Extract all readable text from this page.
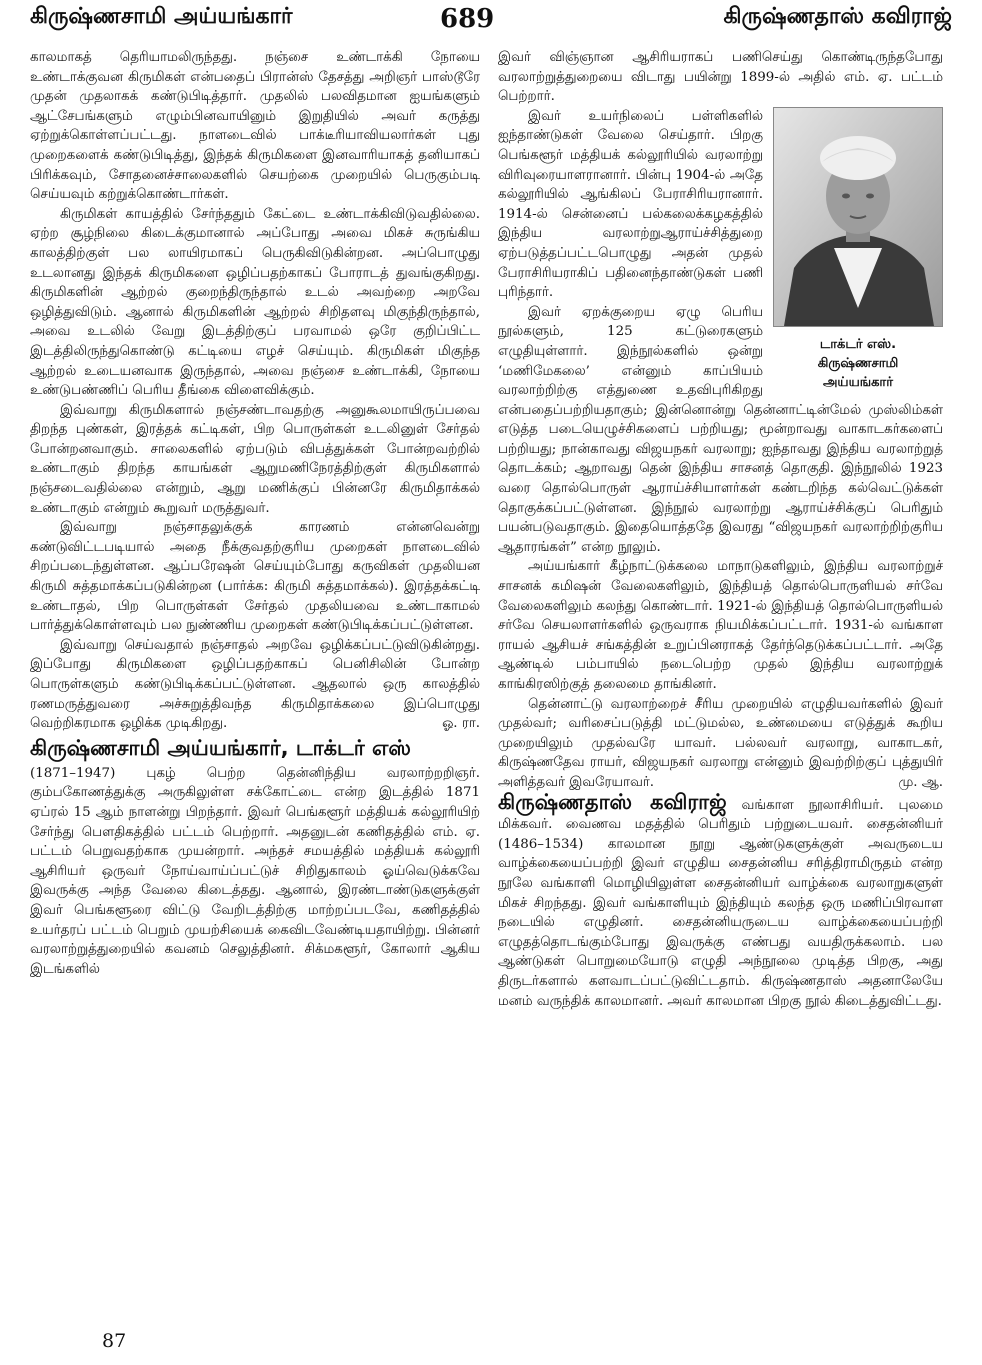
கிருஷ்ணசாமி அய்யங்கார்	689	கிருஷ்ணதாஸ் கவிராஜ்

காலமாகத் தெரியாமலிருந்தது. நஞ்சை உண்டாக்கி நோயை உண்டாக்குவன கிருமிகள் என்பதைப் பிரான்ஸ் தேசத்து அறிஞர் பாஸ்டூரே முதன் முதலாகக் கண்டுபிடித்தார். முதலில் பலவிதமான ஐயங்களும் ஆட்சேபங்களும் எழும்பினவாயினும் இறுதியில் அவர் கருத்து ஏற்றுக்கொள்ளப்பட்டது. நாளடைவில் பாக்டீரியாவியலார்கள் புது முறைகளைக் கண்டுபிடித்து, இந்தக் கிருமிகளை இனவாரியாகத் தனியாகப் பிரிக்கவும், சோதனைச்சாலைகளில் செயற்கை முறையில் பெருகும்படி செய்யவும் கற்றுக்கொண்டார்கள்.

கிருமிகள் காயத்தில் சேர்ந்ததும் கேட்டை உண்டாக்கிவிடுவதில்லை. ஏற்ற சூழ்நிலை கிடைக்குமானால் அப்போது அவை மிகச் சுருங்கிய காலத்திற்குள் பல லாயிரமாகப் பெருகிவிடுகின்றன. அப்பொழுது உடலானது இந்தக் கிருமிகளை ஒழிப்பதற்காகப் போராடத் துவங்குகிறது. கிருமிகளின் ஆற்றல் குறைந்திருந்தால் உடல் அவற்றை அறவே ஒழித்துவிடும். ஆனால் கிருமிகளின் ஆற்றல் சிறிதளவு மிகுந்திருந்தால், அவை உடலில் வேறு இடத்திற்குப் பரவாமல் ஒரே குறிப்பிட்ட இடத்திலிருந்துகொண்டு கட்டியை எழச் செய்யும். கிருமிகள் மிகுந்த ஆற்றல் உடையனவாக இருந்தால், அவை நஞ்சை உண்டாக்கி, நோயை உண்டுபண்ணிப் பெரிய தீங்கை விளைவிக்கும்.

இவ்வாறு கிருமிகளால் நஞ்சண்டாவதற்கு அனுகூலமாயிருப்பவை திறந்த புண்கள், இரத்தக் கட்டிகள், பிற பொருள்கள் உடலினுள் சேர்தல் போன்றனவாகும். சாலைகளில் ஏற்படும் விபத்துக்கள் போன்றவற்றில் உண்டாகும் திறந்த காயங்கள் ஆறுமணிநேரத்திற்குள் கிருமிகளால் நஞ்சடைவதில்லை என்றும், ஆறு மணிக்குப் பின்னரே கிருமிதாக்கல் உண்டாகும் என்றும் கூறுவர் மருத்துவர்.

இவ்வாறு நஞ்சாதலுக்குக் காரணம் என்னவென்று கண்டுவிட்டபடியால் அதை நீக்குவதற்குரிய முறைகள் நாளடைவில் சிறப்படைந்துள்ளன. ஆப்பரேஷன் செய்யும்போது கருவிகள் முதலியன கிருமி சுத்தமாக்கப்படுகின்றன (பார்க்க: கிருமி சுத்தமாக்கல்). இரத்தக்கட்டி உண்டாதல், பிற பொருள்கள் சேர்தல் முதலியவை உண்டாகாமல் பார்த்துக்கொள்ளவும் பல நுண்ணிய முறைகள் கண்டுபிடிக்கப்பட்டுள்ளன.

இவ்வாறு செய்வதால் நஞ்சாதல் அறவே ஒழிக்கப்பட்டுவிடுகின்றது. இப்போது கிருமிகளை ஒழிப்பதற்காகப் பெனிசிலின் போன்ற பொருள்களும் கண்டுபிடிக்கப்பட்டுள்ளன. ஆதலால் ஒரு காலத்தில் ரணமருத்துவரை அச்சுறுத்திவந்த கிருமிதாக்கலை இப்பொழுது வெற்றிகரமாக ஒழிக்க முடிகிறது.	ஓ. ரா.

கிருஷ்ணசாமி அய்யங்கார், டாக்டர் எஸ்

(1871–1947) புகழ் பெற்ற தென்னிந்திய வரலாற்றறிஞர். கும்பகோணத்துக்கு அருகிலுள்ள சக்கோட்டை என்ற இடத்தில் 1871 ஏப்ரல் 15 ஆம் நாளன்று பிறந்தார். இவர் பெங்களூர் மத்தியக் கல்லூரியிற் சேர்ந்து பௌதிகத்தில் பட்டம் பெற்றார். அதனுடன் கணிதத்தில் எம். ஏ. பட்டம் பெறுவதற்காக முயன்றார். அந்தச் சமயத்தில் மத்தியக் கல்லூரி ஆசிரியர் ஒருவர் நோய்வாய்ப்பட்டுச் சிறிதுகாலம் ஓய்வெடுக்கவே இவருக்கு அந்த வேலை கிடைத்தது. ஆனால், இரண்டாண்டுகளுக்குள் இவர் பெங்களூரை விட்டு வேறிடத்திற்கு மாற்றப்படவே, கணிதத்தில் உயர்தரப் பட்டம் பெறும் முயற்சியைக் கைவிடவேண்டியதாயிற்று. பின்னர் வரலாற்றுத்துறையில் கவனம் செலுத்தினர். சிக்மகளூர், கோலார் ஆகிய இடங்களில்

இவர் விஞ்ஞான ஆசிரியராகப் பணிசெய்து கொண்டிருந்தபோது வரலாற்றுத்துறையை விடாது பயின்று 1899-ல் அதில் எம். ஏ. பட்டம் பெற்றார்.

டாக்டர் எஸ்.
கிருஷ்ணசாமி
அய்யங்கார்

இவர் உயர்நிலைப் பள்ளிகளில் ஐந்தாண்டுகள் வேலை செய்தார். பிறகு பெங்களூர் மத்தியக் கல்லூரியில் வரலாற்று விரிவுரையாளரானார். பின்பு 1904-ல் அதே கல்லூரியில் ஆங்கிலப் பேராசிரியரானார். 1914-ல் சென்னைப் பல்கலைக்கழகத்தில் இந்திய வரலாற்றுஆராய்ச்சித்துறை ஏற்படுத்தப்பட்டபொழுது அதன் முதல் பேராசிரியராகிப் பதினைந்தாண்டுகள் பணி புரிந்தார்.

இவர் ஏறக்குறைய ஏழு பெரிய நூல்களும், 125 கட்டுரைகளும் எழுதியுள்ளார். இந்நூல்களில் ஒன்று ‘மணிமேகலை’ என்னும் காப்பியம் வரலாற்றிற்கு எத்துணை உதவிபுரிகிறது என்பதைப்பற்றியதாகும்; இன்னொன்று தென்னாட்டின்மேல் முஸ்லிம்கள் எடுத்த படையெழுச்சிகளைப் பற்றியது; மூன்றாவது வாகாடகர்களைப் பற்றியது; நான்காவது விஜயநகர் வரலாறு; ஐந்தாவது இந்திய வரலாற்றுத் தொடக்கம்; ஆறாவது தென் இந்திய சாசனத் தொகுதி. இந்நூலில் 1923 வரை தொல்பொருள் ஆராய்ச்சியாளர்கள் கண்டறிந்த கல்வெட்டுக்கள் தொகுக்கப்பட்டுள்ளன. இந்நூல் வரலாற்று ஆராய்ச்சிக்குப் பெரிதும் பயன்படுவதாகும். இதையொத்ததே இவரது “விஜயநகர் வரலாற்றிற்குரிய ஆதாரங்கள்” என்ற நூலும்.

அய்யங்கார் கீழ்நாட்டுக்கலை மாநாடுகளிலும், இந்திய வரலாற்றுச் சாசனக் கமிஷன் வேலைகளிலும், இந்தியத் தொல்பொருளியல் சர்வே வேலைகளிலும் கலந்து கொண்டார். 1921-ல் இந்தியத் தொல்பொருளியல் சர்வே செயலாளர்களில் ஒருவராக நியமிக்கப்பட்டார். 1931-ல் வங்காள ராயல் ஆசியச் சங்கத்தின் உறுப்பினராகத் தேர்ந்தெடுக்கப்பட்டார். அதே ஆண்டில் பம்பாயில் நடைபெற்ற முதல் இந்திய வரலாற்றுக் காங்கிரஸிற்குத் தலைமை தாங்கினர்.

தென்னாட்டு வரலாற்றைச் சீரிய முறையில் எழுதியவர்களில் இவர் முதல்வர்; வரிசைப்படுத்தி மட்டுமல்ல, உண்மையை எடுத்துக் கூறிய முறையிலும் முதல்வரே யாவர். பல்லவர் வரலாறு, வாகாடகர், கிருஷ்ணதேவ ராயர், விஜயநகர் வரலாறு என்னும் இவற்றிற்குப் புத்துயிர் அளித்தவர் இவரேயாவர்.	மு. ஆ.

கிருஷ்ணதாஸ் கவிராஜ் வங்காள நூலாசிரியர். புலமை மிக்கவர். வைணவ மதத்தில் பெரிதும் பற்றுடையவர். சைதன்னியர் (1486–1534) காலமான நூறு ஆண்டுகளுக்குள் அவருடைய வாழ்க்கையைப்பற்றி இவர் எழுதிய சைதன்னிய சரித்திராமிருதம் என்ற நூலே வங்காளி மொழியிலுள்ள சைதன்னியர் வாழ்க்கை வரலாறுகளுள் மிகச் சிறந்தது. இவர் வங்காளியும் இந்தியும் கலந்த ஒரு மணிப்பிரவாள நடையில் எழுதினர். சைதன்னியருடைய வாழ்க்கையைப்பற்றி எழுதத்தொடங்கும்போது இவருக்கு எண்பது வயதிருக்கலாம். பல ஆண்டுகள் பொறுமையோடு எழுதி அந்நூலை முடித்த பிறகு, அது திருடர்களால் களவாடப்பட்டுவிட்டதாம். கிருஷ்ணதாஸ் அதனாலேயே மனம் வருந்திக் காலமானர். அவர் காலமான பிறகு நூல் கிடைத்துவிட்டது.

87
